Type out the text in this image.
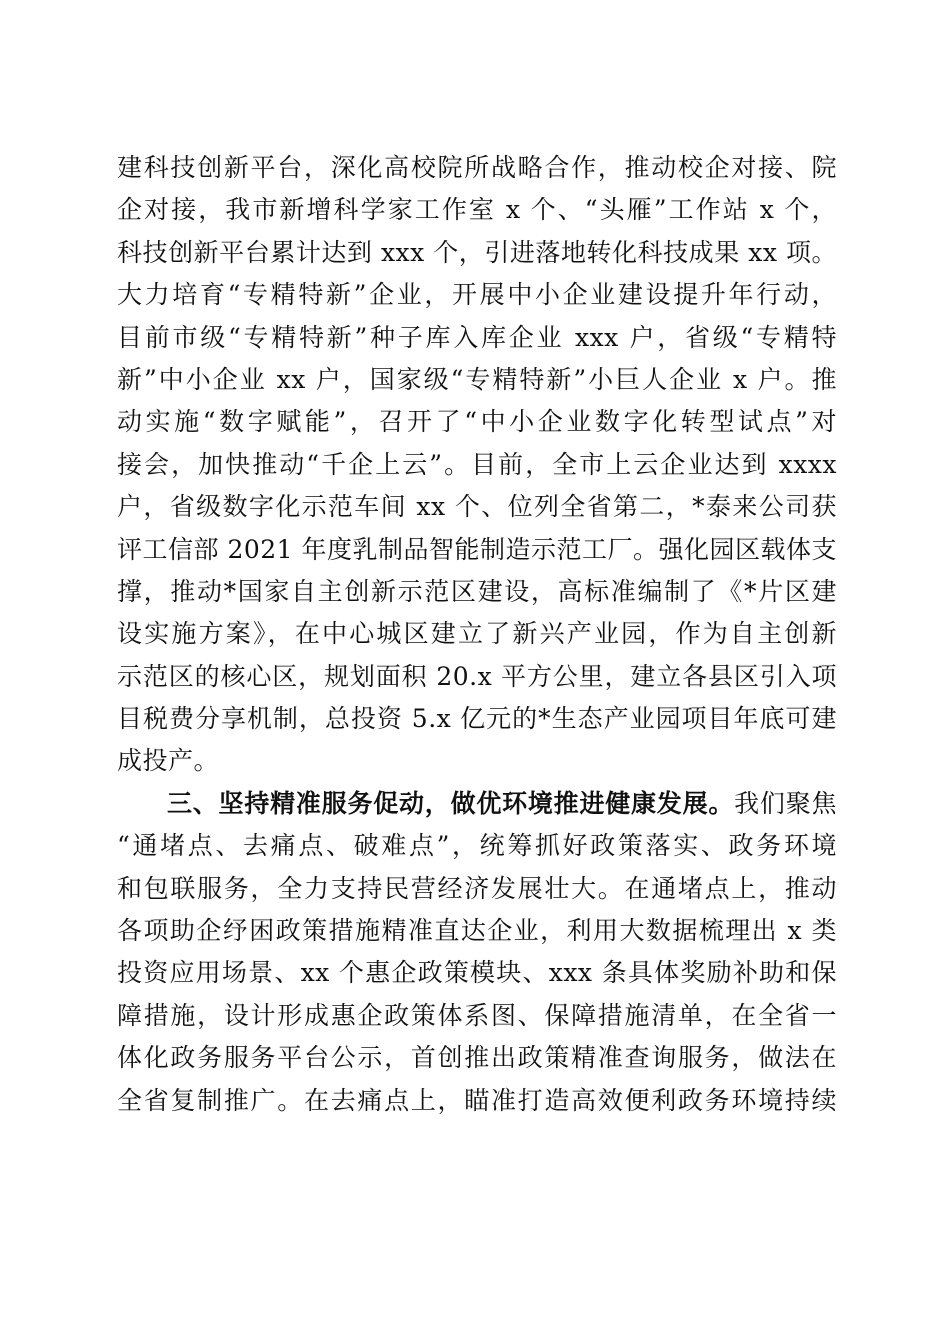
建科技创新平台，深化高校院所战略合作，推动校企对接、院
企对接，我市新增科学家工作室 x 个、“头雁”工作站 x 个，
科技创新平台累计达到 xxx 个，引进落地转化科技成果 xx 项。
大力培育“专精特新”企业，开展中小企业建设提升年行动，
目前市级“专精特新”种子库入库企业 xxx 户，省级“专精特
新”中小企业 xx 户，国家级“专精特新”小巨人企业 x 户。推
动实施“数字赋能”，召开了“中小企业数字化转型试点”对
接会，加快推动“千企上云”。目前，全市上云企业达到 xxxx
户，省级数字化示范车间 xx 个、位列全省第二，*泰来公司获
评工信部 2021 年度乳制品智能制造示范工厂。强化园区载体支
撑，推动*国家自主创新示范区建设，高标准编制了《*片区建
设实施方案》，在中心城区建立了新兴产业园，作为自主创新
示范区的核心区，规划面积 20.x 平方公里，建立各县区引入项
目税费分享机制，总投资 5.x 亿元的*生态产业园项目年底可建
成投产。
三、坚持精准服务促动，做优环境推进健康发展。我们聚焦
“通堵点、去痛点、破难点”，统筹抓好政策落实、政务环境
和包联服务，全力支持民营经济发展壮大。在通堵点上，推动
各项助企纾困政策措施精准直达企业，利用大数据梳理出 x 类
投资应用场景、xx 个惠企政策模块、xxx 条具体奖励补助和保
障措施，设计形成惠企政策体系图、保障措施清单，在全省一
体化政务服务平台公示，首创推出政策精准查询服务，做法在
全省复制推广。在去痛点上，瞄准打造高效便利政务环境持续
